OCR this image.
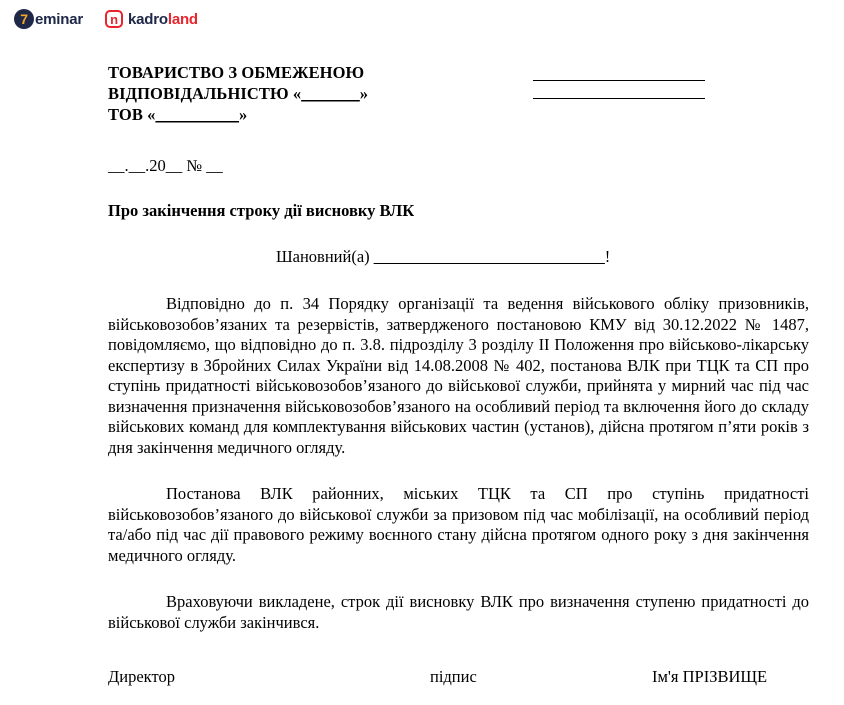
7 eminar n kadro land
ТОВАРИСТВО З ОБМЕЖЕНОЮ
ВІДПОВІДАЛЬНІСТЮ «_______»
ТОВ «__________»
__.__.20__ № __
Про закінчення строку дії висновку ВЛК
Шановний(а) ____________________________!

Відповідно до п. 34 Порядку організації та ведення військового обліку призовників, військовозобов’язаних та резервістів, затвердженого постановою КМУ від 30.12.2022 № 1487, повідомляємо, що відповідно до п. 3.8. підрозділу 3 розділу ІІ Положення про військово-лікарську експертизу в Збройних Силах України від 14.08.2008 № 402, постанова ВЛК при ТЦК та СП про ступінь придатності військовозобов’язаного до військової служби, прийнята у мирний час під час визначення призначення військовозобов’язаного на особливий період та включення його до складу військових команд для комплектування військових частин (установ), дійсна протягом п’яти років з дня закінчення медичного огляду.

Постанова ВЛК районних, міських ТЦК та СП про ступінь придатності військовозобов’язаного до військової служби за призовом під час мобілізації, на особливий період та/або під час дії правового режиму воєнного стану дійсна протягом одного року з дня закінчення медичного огляду.

Враховуючи викладене, строк дії висновку ВЛК про визначення ступеню придатності до військової служби закінчився.

Директор	підпис	Ім'я ПРІЗВИЩЕ
